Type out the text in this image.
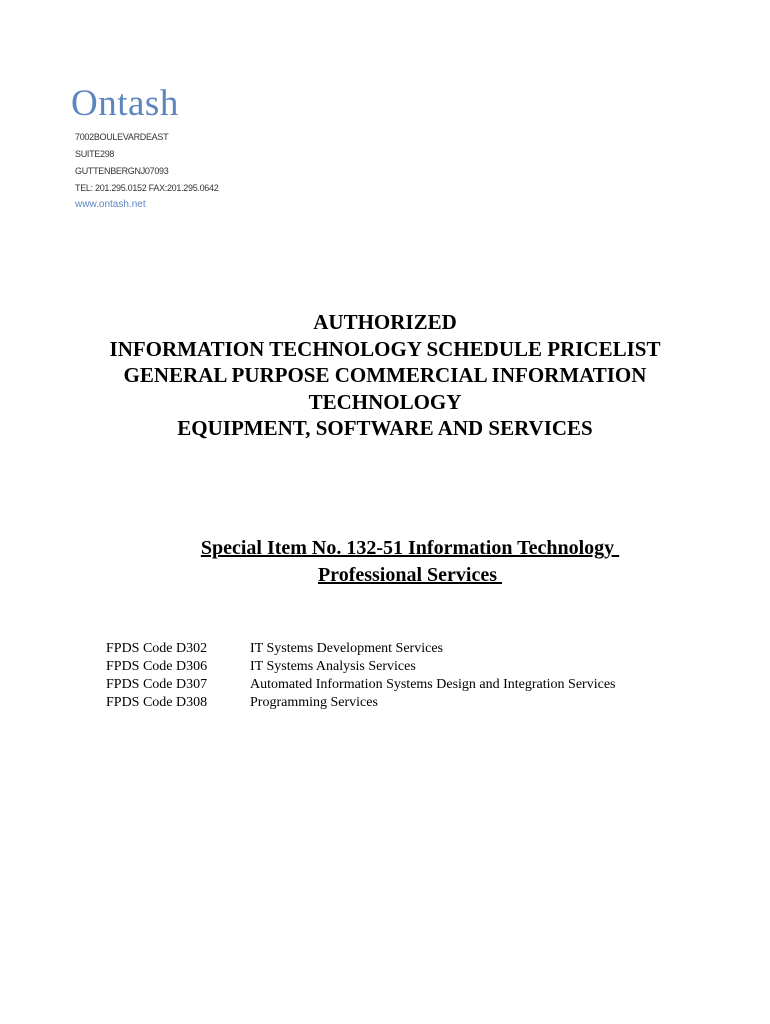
Ontash
7002BOULEVARDEAST
SUITE298
GUTTENBERGNJ07093
TEL: 201.295.0152 FAX:201.295.0642
www.ontash.net
AUTHORIZED
INFORMATION TECHNOLOGY SCHEDULE PRICELIST
GENERAL PURPOSE COMMERCIAL INFORMATION
TECHNOLOGY
EQUIPMENT, SOFTWARE AND SERVICES
Special Item No. 132-51 Information Technology
Professional Services
FPDS Code D302	IT Systems Development Services
FPDS Code D306	IT Systems Analysis Services
FPDS Code D307	Automated Information Systems Design and Integration Services
FPDS Code D308	Programming Services
